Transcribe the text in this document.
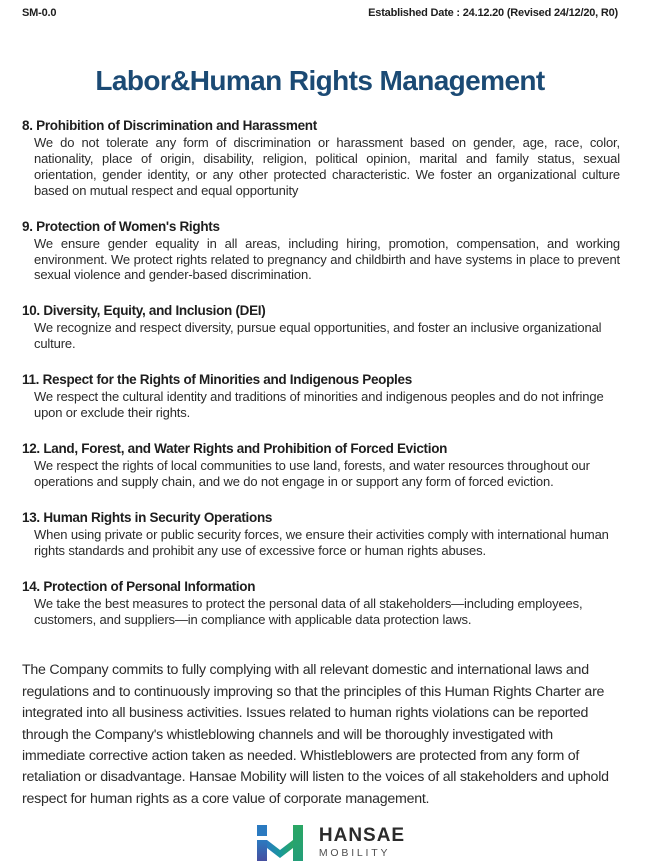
SM-0.0	Established Date : 24.12.20 (Revised 24/12/20, R0)
Labor&Human Rights Management
8. Prohibition of Discrimination and Harassment

We do not tolerate any form of discrimination or harassment based on gender, age, race, color, nationality, place of origin, disability, religion, political opinion, marital and family status, sexual orientation, gender identity, or any other protected characteristic. We foster an organizational culture based on mutual respect and equal opportunity

9. Protection of Women's Rights

We ensure gender equality in all areas, including hiring, promotion, compensation, and working environment. We protect rights related to pregnancy and childbirth and have systems in place to prevent sexual violence and gender-based discrimination.

10. Diversity, Equity, and Inclusion (DEI)

We recognize and respect diversity, pursue equal opportunities, and foster an inclusive organizational culture.

11. Respect for the Rights of Minorities and Indigenous Peoples

We respect the cultural identity and traditions of minorities and indigenous peoples and do not infringe upon or exclude their rights.

12. Land, Forest, and Water Rights and Prohibition of Forced Eviction

We respect the rights of local communities to use land, forests, and water resources throughout our operations and supply chain, and we do not engage in or support any form of forced eviction.

13. Human Rights in Security Operations

When using private or public security forces, we ensure their activities comply with international human rights standards and prohibit any use of excessive force or human rights abuses.

14. Protection of Personal Information

We take the best measures to protect the personal data of all stakeholders—including employees, customers, and suppliers—in compliance with applicable data protection laws.

The Company commits to fully complying with all relevant domestic and international laws and regulations and to continuously improving so that the principles of this Human Rights Charter are integrated into all business activities. Issues related to human rights violations can be reported through the Company's whistleblowing channels and will be thoroughly investigated with immediate corrective action taken as needed. Whistleblowers are protected from any form of retaliation or disadvantage. Hansae Mobility will listen to the voices of all stakeholders and uphold respect for human rights as a core value of corporate management.

HANSAE
MOBILITY
